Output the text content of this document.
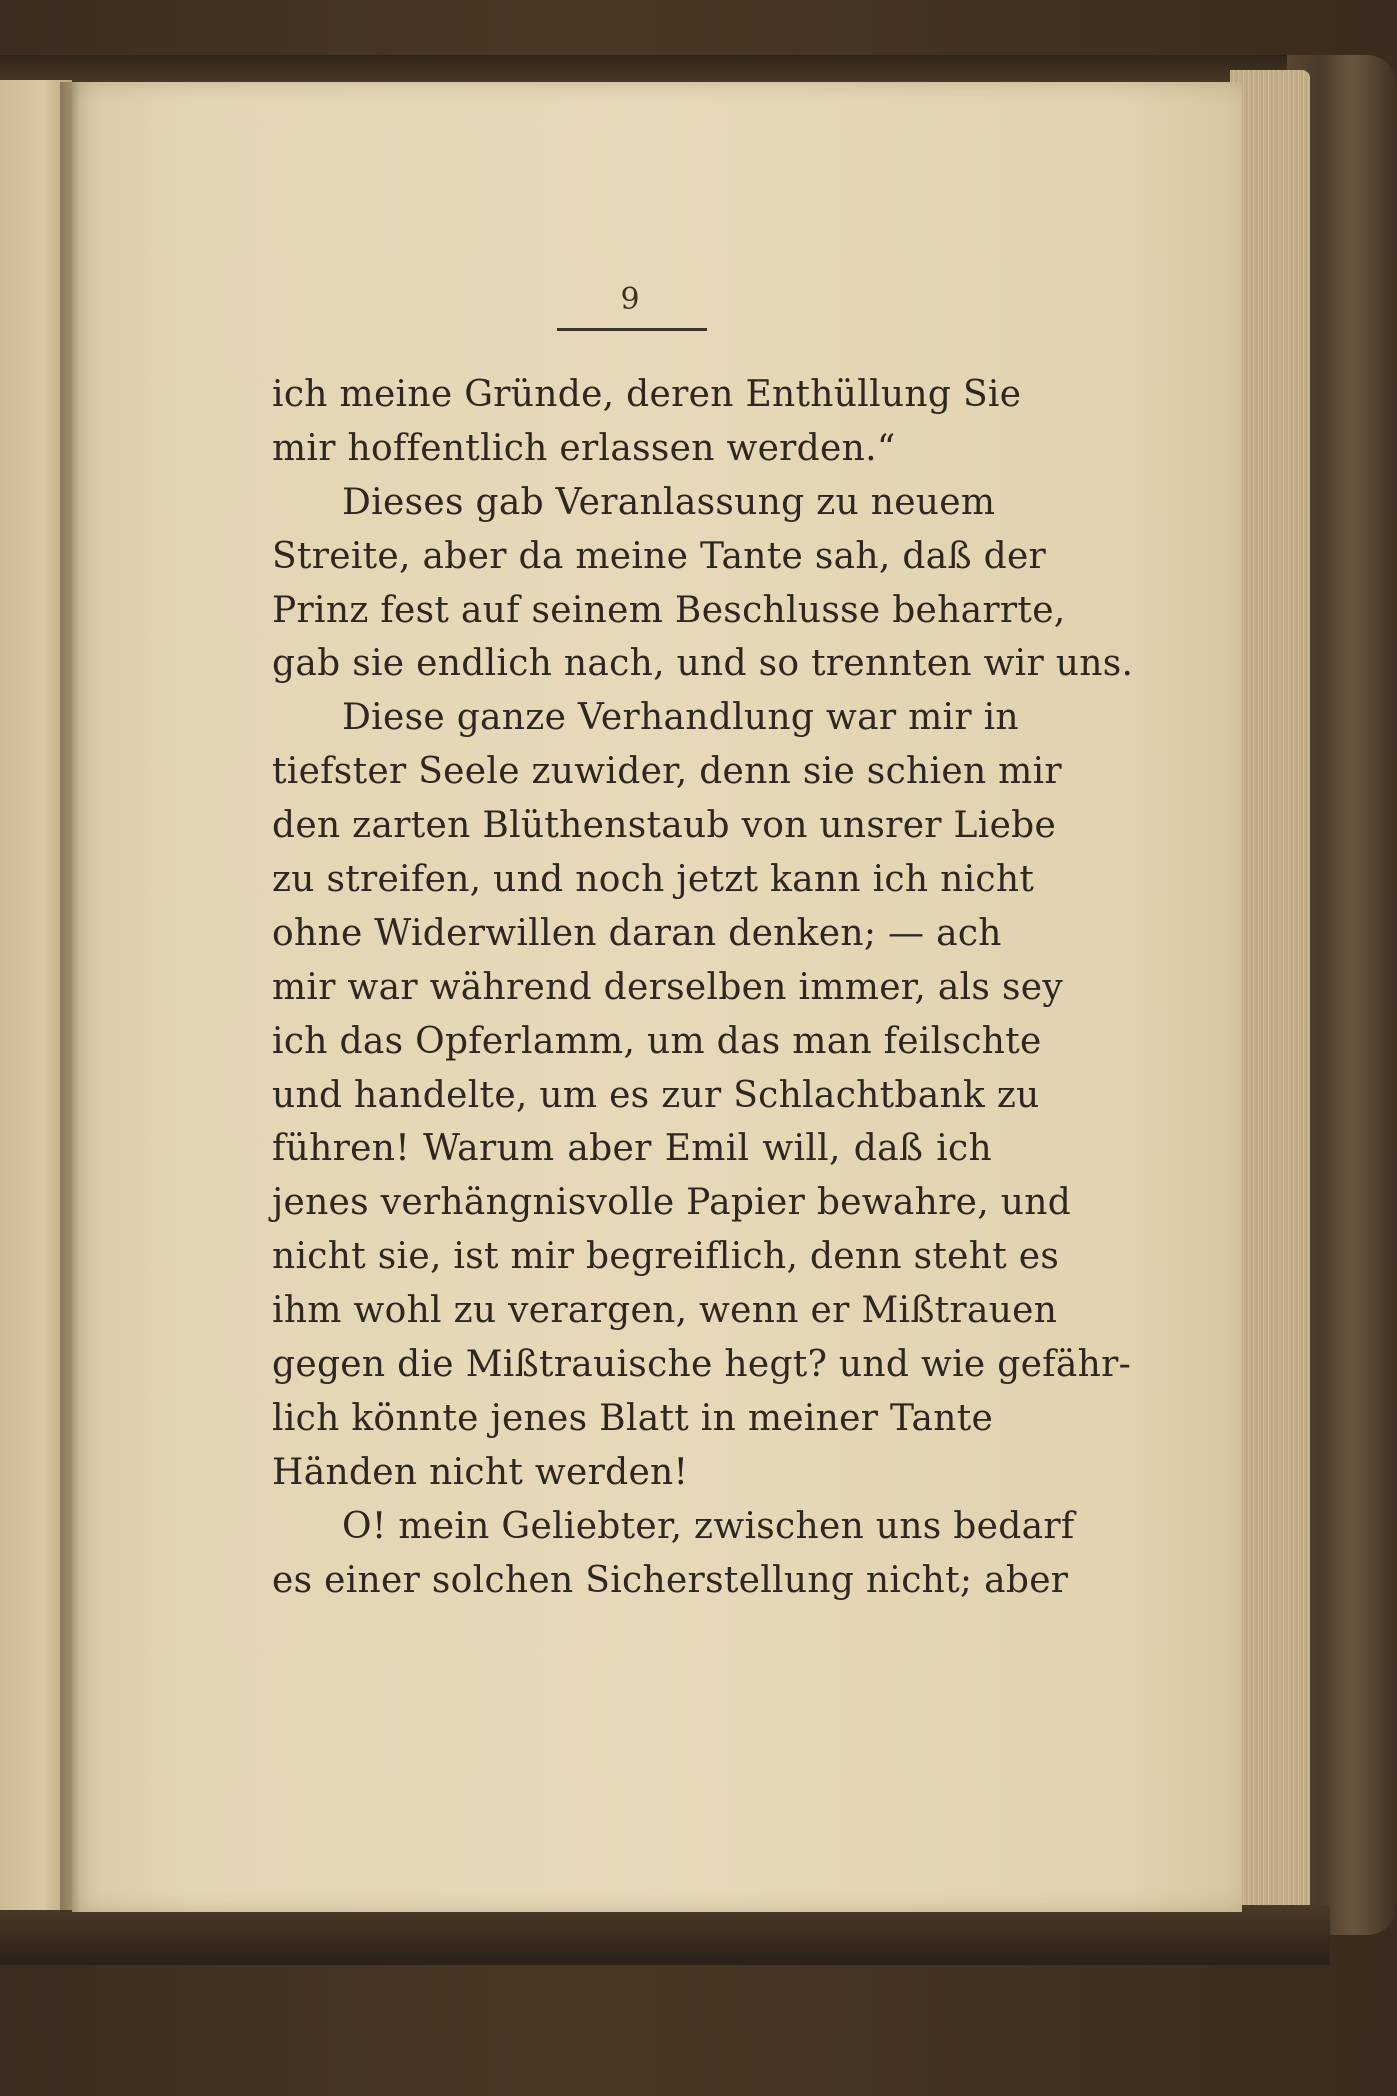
9
ich meine Gründe, deren Enthüllung Sie
mir hoffentlich erlassen werden.“
Dieses gab Veranlassung zu neuem
Streite, aber da meine Tante sah, daß der
Prinz fest auf seinem Beschlusse beharrte,
gab sie endlich nach, und so trennten wir uns.
Diese ganze Verhandlung war mir in
tiefster Seele zuwider, denn sie schien mir
den zarten Blüthenstaub von unsrer Liebe
zu streifen, und noch jetzt kann ich nicht
ohne Widerwillen daran denken; — ach
mir war während derselben immer, als sey
ich das Opferlamm, um das man feilschte
und handelte, um es zur Schlachtbank zu
führen! Warum aber Emil will, daß ich
jenes verhängnisvolle Papier bewahre, und
nicht sie, ist mir begreiflich, denn steht es
ihm wohl zu verargen, wenn er Mißtrauen
gegen die Mißtrauische hegt? und wie gefähr-
lich könnte jenes Blatt in meiner Tante
Händen nicht werden!
O! mein Geliebter, zwischen uns bedarf
es einer solchen Sicherstellung nicht; aber
